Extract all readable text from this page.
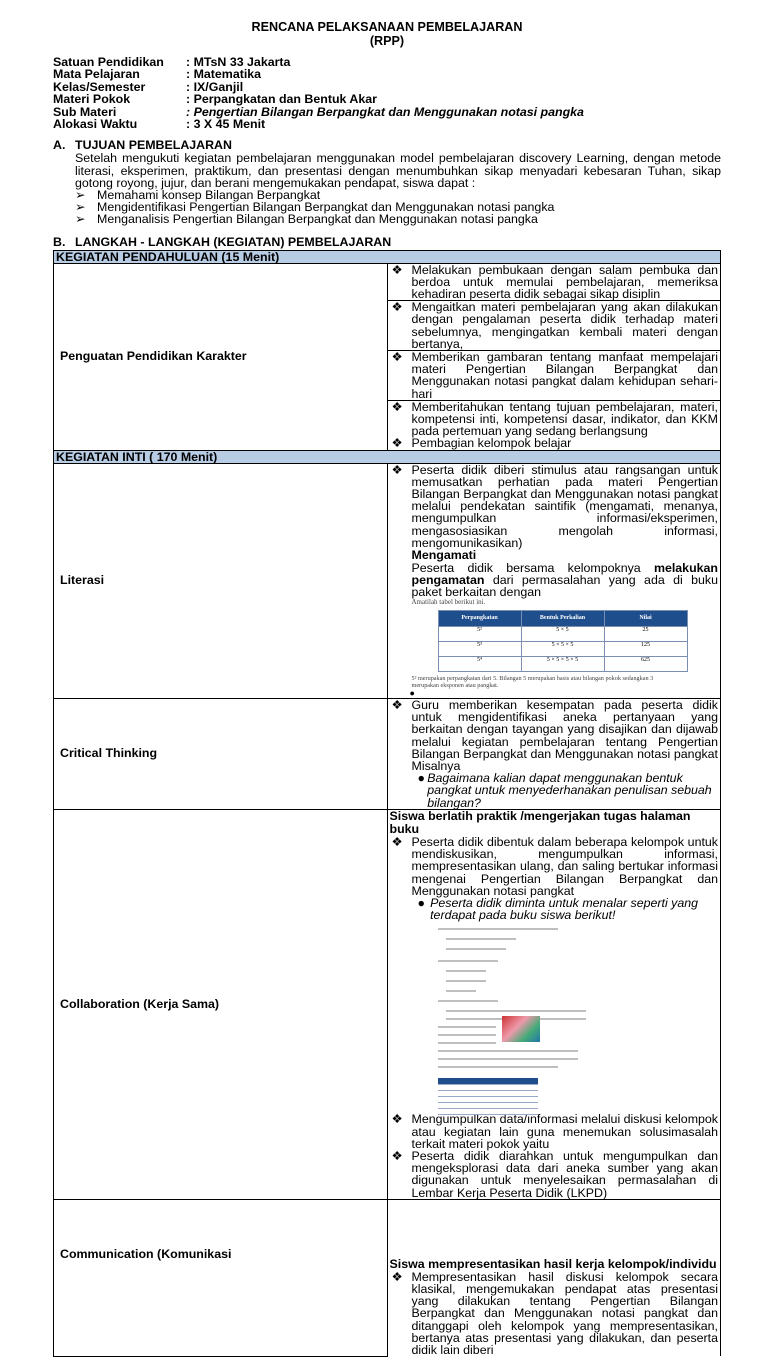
RENCANA PELAKSANAAN PEMBELAJARAN
(RPP)
Satuan Pendidikan	: MTsN 33 Jakarta
Mata Pelajaran	: Matematika
Kelas/Semester	: IX/Ganjil
Materi Pokok	: Perpangkatan dan Bentuk Akar
Sub Materi	: Pengertian Bilangan Berpangkat dan Menggunakan notasi pangka
Alokasi Waktu	: 3 X 45 Menit
A. TUJUAN PEMBELAJARAN
Setelah mengukuti kegiatan pembelajaran menggunakan model pembelajaran discovery Learning, dengan metode literasi, eksperimen, praktikum, dan presentasi dengan menumbuhkan sikap menyadari kebesaran Tuhan, sikap gotong royong, jujur, dan berani mengemukakan pendapat, siswa dapat :
➢ Memahami konsep Bilangan Berpangkat
➢ Mengidentifikasi Pengertian Bilangan Berpangkat dan Menggunakan notasi pangka
➢ Menganalisis Pengertian Bilangan Berpangkat dan Menggunakan notasi pangka
B. LANGKAH - LANGKAH (KEGIATAN) PEMBELAJARAN
KEGIATAN PENDAHULUAN (15 Menit)
Penguatan Pendidikan Karakter	
❖ Melakukan pembukaan dengan salam pembuka dan berdoa untuk memulai pembelajaran, memeriksa kehadiran peserta didik sebagai sikap disiplin
❖ Mengaitkan materi pembelajaran yang akan dilakukan dengan pengalaman peserta didik terhadap materi sebelumnya, mengingatkan kembali materi dengan bertanya,
❖ Memberikan gambaran tentang manfaat mempelajari materi Pengertian Bilangan Berpangkat dan Menggunakan notasi pangkat dalam kehidupan sehari-hari
❖ Memberitahukan tentang tujuan pembelajaran, materi, kompetensi inti, kompetensi dasar, indikator, dan KKM pada pertemuan yang sedang berlangsung
❖ Pembagian kelompok belajar

KEGIATAN INTI ( 170 Menit)
Literasi	
❖ Peserta didik diberi stimulus atau rangsangan untuk memusatkan perhatian pada materi Pengertian Bilangan Berpangkat dan Menggunakan notasi pangkat melalui pendekatan saintifik (mengamati, menanya, mengumpulkan informasi/eksperimen, mengasosiasikan mengolah informasi, mengomunikasikan)
Mengamati
Peserta didik bersama kelompoknya melakukan pengamatan dari permasalahan yang ada di buku paket berkaitan dengan
Amatilah tabel berikut ini.
Perpangkatan	Bentuk Perkalian	Nilai
5²	5 × 5	25
5³	5 × 5 × 5	125
5⁴	5 × 5 × 5 × 5	625
5² merupakan perpangkatan dari 5. Bilangan 5 merupakan basis atau bilangan pokok sedangkan 3 merupakan eksponen atau pangkat.
●

Critical Thinking	
❖ Guru memberikan kesempatan pada peserta didik untuk mengidentifikasi aneka pertanyaan yang berkaitan dengan tayangan yang disajikan dan dijawab melalui kegiatan pembelajaran tentang Pengertian Bilangan Berpangkat dan Menggunakan notasi pangkat Misalnya
● Bagaimana kalian dapat menggunakan bentuk pangkat untuk menyederhanakan penulisan sebuah bilangan?

Collaboration (Kerja Sama)	
Siswa berlatih praktik /mengerjakan tugas halaman buku
❖ Peserta didik dibentuk dalam beberapa kelompok untuk mendiskusikan, mengumpulkan informasi, mempresentasikan ulang, dan saling bertukar informasi mengenai Pengertian Bilangan Berpangkat dan Menggunakan notasi pangkat
● Peserta didik diminta untuk menalar seperti yang terdapat pada buku siswa berikut!
❖ Mengumpulkan data/informasi melalui diskusi kelompok atau kegiatan lain guna menemukan solusimasalah terkait materi pokok yaitu
❖ Peserta didik diarahkan untuk mengumpulkan dan mengeksplorasi data dari aneka sumber yang akan digunakan untuk menyelesaikan permasalahan di Lembar Kerja Peserta Didik (LKPD)

Communication (Komunikasi	
Siswa mempresentasikan hasil kerja kelompok/individu
❖ Mempresentasikan hasil diskusi kelompok secara klasikal, mengemukakan pendapat atas presentasi yang dilakukan tentang Pengertian Bilangan Berpangkat dan Menggunakan notasi pangkat dan ditanggapi oleh kelompok yang mempresentasikan, bertanya atas presentasi yang dilakukan, dan peserta didik lain diberi
